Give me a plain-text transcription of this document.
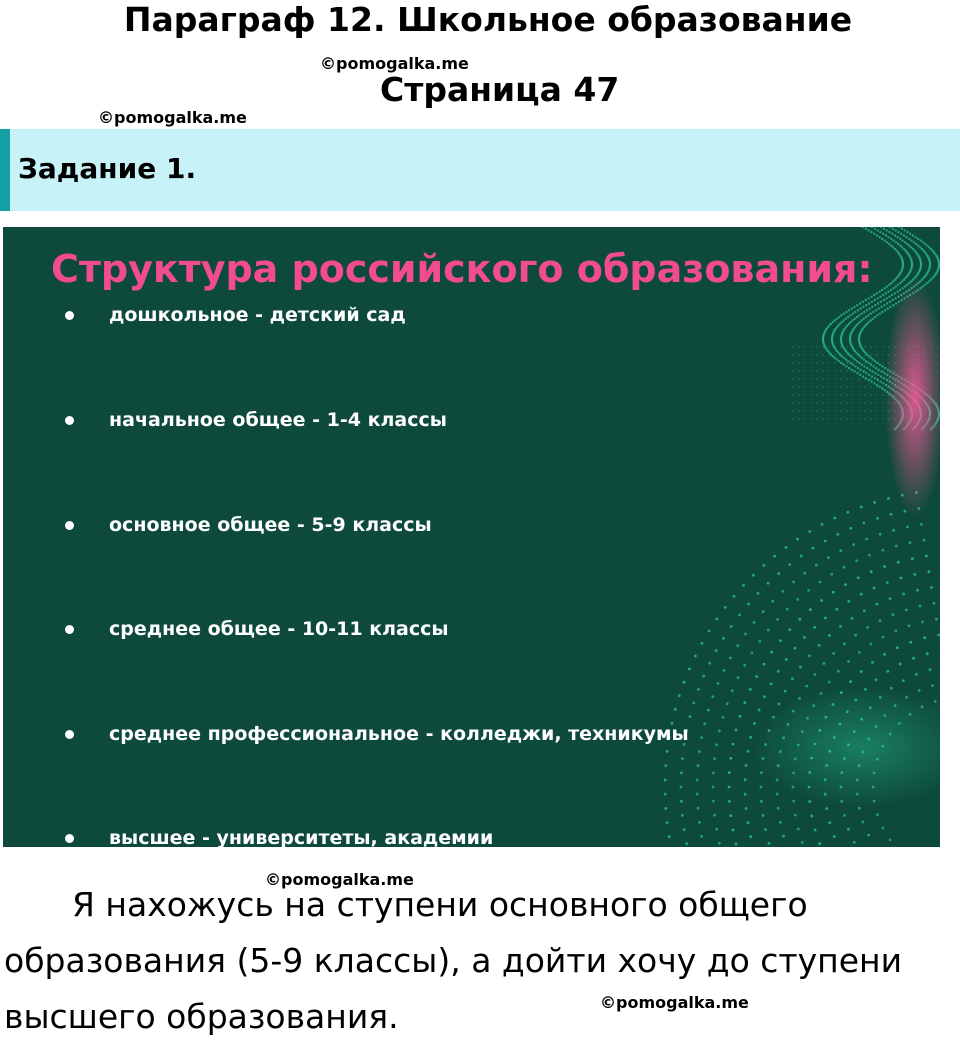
Параграф 12. Школьное образование
©pomogalka.me
Страница 47
©pomogalka.me
Задание 1.
Структура российского образования:
дошкольное - детский сад
начальное общее - 1-4 классы
основное общее - 5-9 классы
среднее общее - 10-11 классы
среднее профессиональное - колледжи, техникумы
высшее - университеты, академии
©pomogalka.me

Я нахожусь на ступени основного общего образования (5-9 классы), а дойти хочу до ступени высшего образования.	©pomogalka.me
